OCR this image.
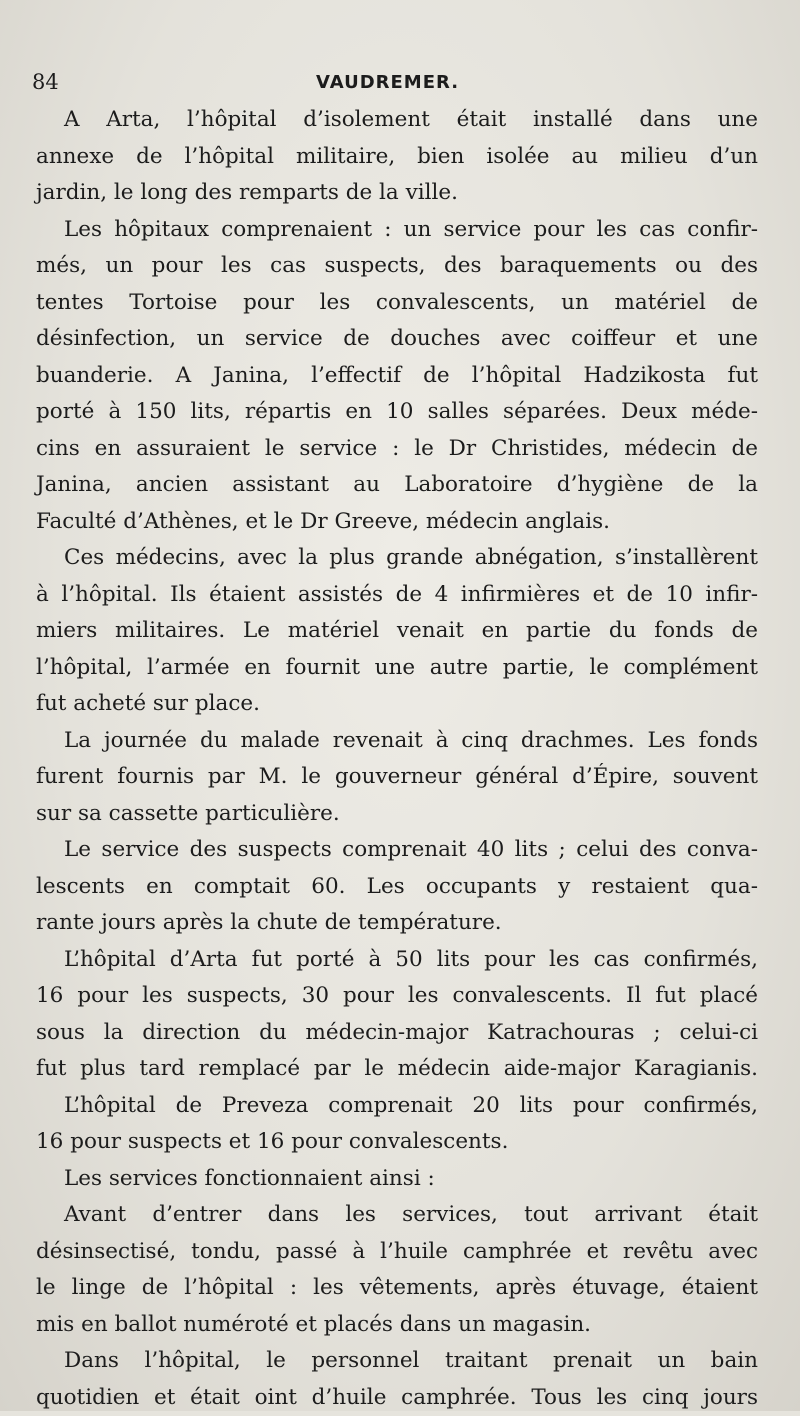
84	VAUDREMER.
A Arta, l’hôpital d’isolement était installé dans une
annexe de l’hôpital militaire, bien isolée au milieu d’un
jardin, le long des remparts de la ville.
Les hôpitaux comprenaient : un service pour les cas confir-
més, un pour les cas suspects, des baraquements ou des
tentes Tortoise pour les convalescents, un matériel de
désinfection, un service de douches avec coiffeur et une
buanderie. A Janina, l’effectif de l’hôpital Hadzikosta fut
porté à 150 lits, répartis en 10 salles séparées. Deux méde-
cins en assuraient le service : le Dr Christides, médecin de
Janina, ancien assistant au Laboratoire d’hygiène de la
Faculté d’Athènes, et le Dr Greeve, médecin anglais.
Ces médecins, avec la plus grande abnégation, s’installèrent
à l’hôpital. Ils étaient assistés de 4 infirmières et de 10 infir-
miers militaires. Le matériel venait en partie du fonds de
l’hôpital, l’armée en fournit une autre partie, le complément
fut acheté sur place.
La journée du malade revenait à cinq drachmes. Les fonds
furent fournis par M. le gouverneur général d’Épire, souvent
sur sa cassette particulière.
Le service des suspects comprenait 40 lits ; celui des conva-
lescents en comptait 60. Les occupants y restaient qua-
rante jours après la chute de température.
L’hôpital d’Arta fut porté à 50 lits pour les cas confirmés,
16 pour les suspects, 30 pour les convalescents. Il fut placé
sous la direction du médecin-major Katrachouras ; celui-ci
fut plus tard remplacé par le médecin aide-major Karagianis.
L’hôpital de Preveza comprenait 20 lits pour confirmés,
16 pour suspects et 16 pour convalescents.
Les services fonctionnaient ainsi :
Avant d’entrer dans les services, tout arrivant était
désinsectisé, tondu, passé à l’huile camphrée et revêtu avec
le linge de l’hôpital : les vêtements, après étuvage, étaient
mis en ballot numéroté et placés dans un magasin.
Dans l’hôpital, le personnel traitant prenait un bain
quotidien et était oint d’huile camphrée. Tous les cinq jours
